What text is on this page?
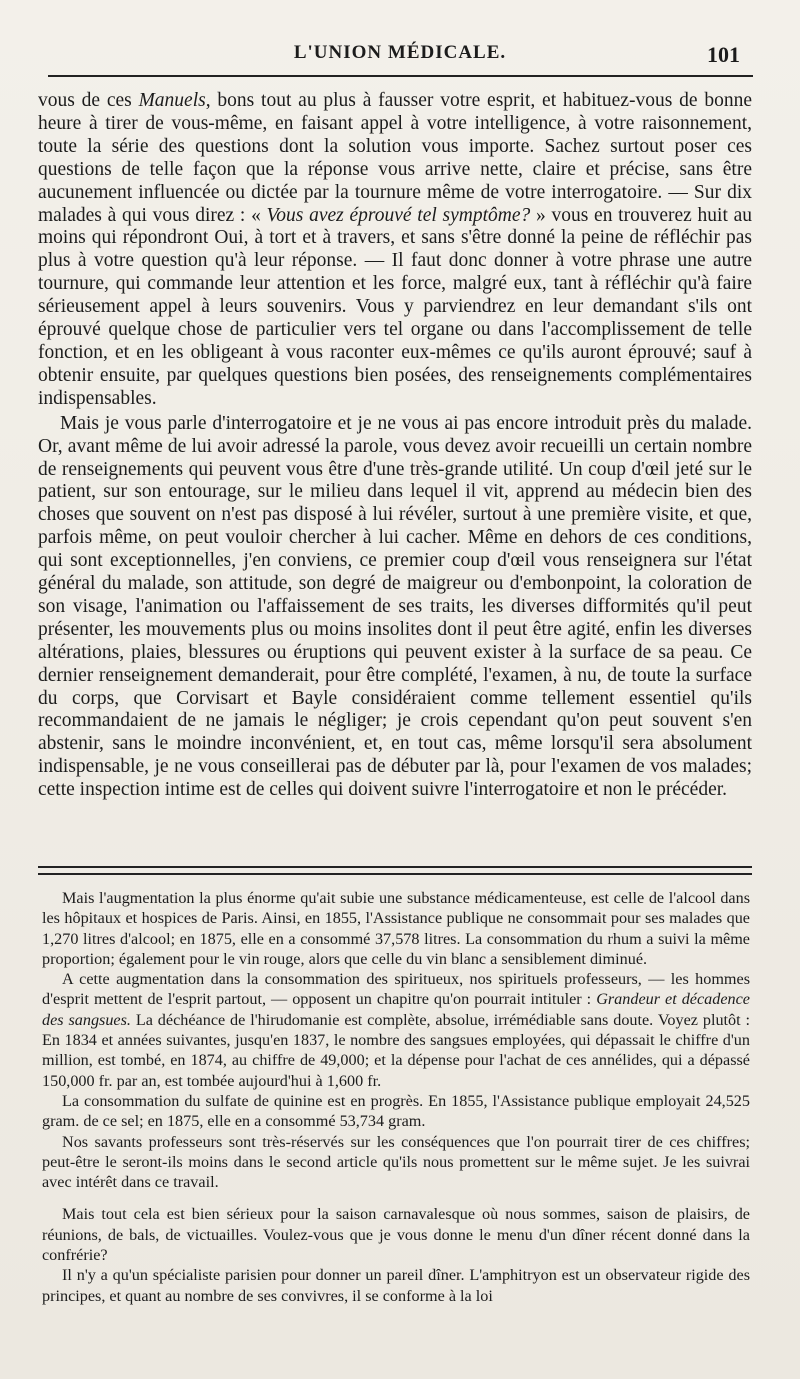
L'UNION MÉDICALE.	101

vous de ces Manuels, bons tout au plus à fausser votre esprit, et habituez-vous de bonne heure à tirer de vous-même, en faisant appel à votre intelligence, à votre raisonnement, toute la série des questions dont la solution vous importe. Sachez surtout poser ces questions de telle façon que la réponse vous arrive nette, claire et précise, sans être aucunement influencée ou dictée par la tournure même de votre interrogatoire. — Sur dix malades à qui vous direz : « Vous avez éprouvé tel symptôme? » vous en trouverez huit au moins qui répondront Oui, à tort et à travers, et sans s'être donné la peine de réfléchir pas plus à votre question qu'à leur réponse. — Il faut donc donner à votre phrase une autre tournure, qui commande leur attention et les force, malgré eux, tant à réfléchir qu'à faire sérieusement appel à leurs souvenirs. Vous y parviendrez en leur demandant s'ils ont éprouvé quelque chose de particulier vers tel organe ou dans l'accomplissement de telle fonction, et en les obligeant à vous raconter eux-mêmes ce qu'ils auront éprouvé; sauf à obtenir ensuite, par quelques questions bien posées, des renseignements complémentaires indispensables.

Mais je vous parle d'interrogatoire et je ne vous ai pas encore introduit près du malade. Or, avant même de lui avoir adressé la parole, vous devez avoir recueilli un certain nombre de renseignements qui peuvent vous être d'une très-grande utilité. Un coup d'œil jeté sur le patient, sur son entourage, sur le milieu dans lequel il vit, apprend au médecin bien des choses que souvent on n'est pas disposé à lui révéler, surtout à une première visite, et que, parfois même, on peut vouloir chercher à lui cacher. Même en dehors de ces conditions, qui sont exceptionnelles, j'en conviens, ce premier coup d'œil vous renseignera sur l'état général du malade, son attitude, son degré de maigreur ou d'embonpoint, la coloration de son visage, l'animation ou l'affaissement de ses traits, les diverses difformités qu'il peut présenter, les mouvements plus ou moins insolites dont il peut être agité, enfin les diverses altérations, plaies, blessures ou éruptions qui peuvent exister à la surface de sa peau. Ce dernier renseignement demanderait, pour être complété, l'examen, à nu, de toute la surface du corps, que Corvisart et Bayle considéraient comme tellement essentiel qu'ils recommandaient de ne jamais le négliger; je crois cependant qu'on peut souvent s'en abstenir, sans le moindre inconvénient, et, en tout cas, même lorsqu'il sera absolument indispensable, je ne vous conseillerai pas de débuter par là, pour l'examen de vos malades; cette inspection intime est de celles qui doivent suivre l'interrogatoire et non le précéder.

Mais l'augmentation la plus énorme qu'ait subie une substance médicamenteuse, est celle de l'alcool dans les hôpitaux et hospices de Paris. Ainsi, en 1855, l'Assistance publique ne consommait pour ses malades que 1,270 litres d'alcool; en 1875, elle en a consommé 37,578 litres. La consommation du rhum a suivi la même proportion; également pour le vin rouge, alors que celle du vin blanc a sensiblement diminué.

A cette augmentation dans la consommation des spiritueux, nos spirituels professeurs, — les hommes d'esprit mettent de l'esprit partout, — opposent un chapitre qu'on pourrait intituler : Grandeur et décadence des sangsues. La déchéance de l'hirudomanie est complète, absolue, irrémédiable sans doute. Voyez plutôt : En 1834 et années suivantes, jusqu'en 1837, le nombre des sangsues employées, qui dépassait le chiffre d'un million, est tombé, en 1874, au chiffre de 49,000; et la dépense pour l'achat de ces annélides, qui a dépassé 150,000 fr. par an, est tombée aujourd'hui à 1,600 fr.

La consommation du sulfate de quinine est en progrès. En 1855, l'Assistance publique employait 24,525 gram. de ce sel; en 1875, elle en a consommé 53,734 gram.

Nos savants professeurs sont très-réservés sur les conséquences que l'on pourrait tirer de ces chiffres; peut-être le seront-ils moins dans le second article qu'ils nous promettent sur le même sujet. Je les suivrai avec intérêt dans ce travail.

Mais tout cela est bien sérieux pour la saison carnavalesque où nous sommes, saison de plaisirs, de réunions, de bals, de victuailles. Voulez-vous que je vous donne le menu d'un dîner récent donné dans la confrérie?

Il n'y a qu'un spécialiste parisien pour donner un pareil dîner. L'amphitryon est un observateur rigide des principes, et quant au nombre de ses convivres, il se conforme à la loi
